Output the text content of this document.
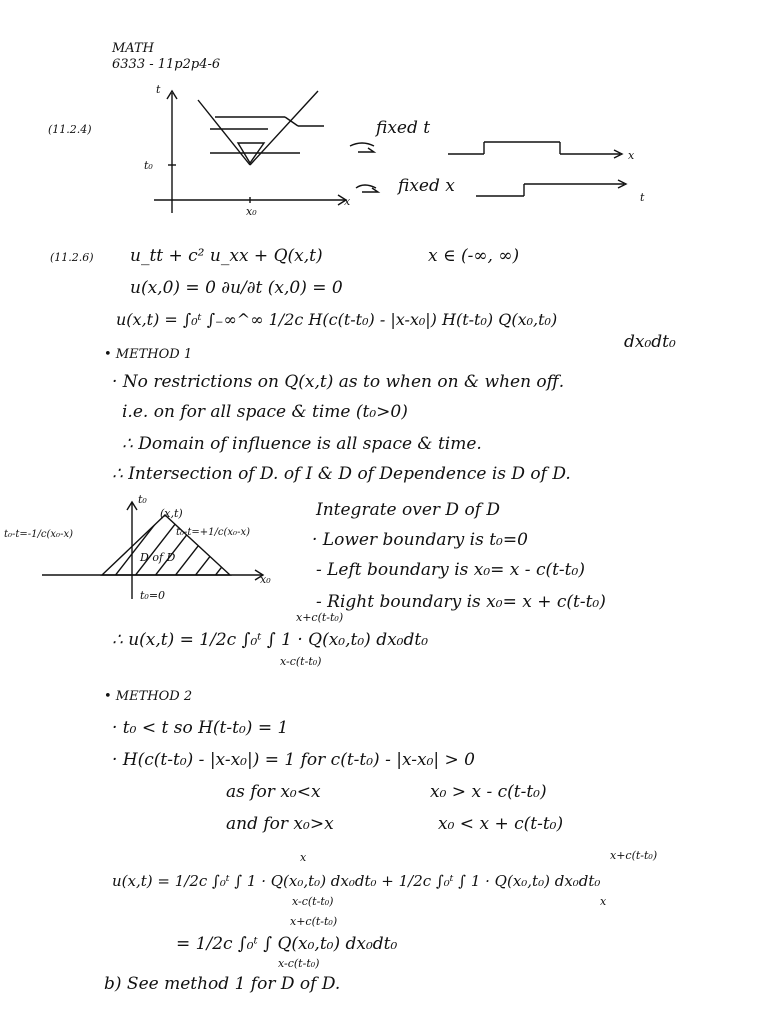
MATH
6333 - 11p2p4-6
(11.2.4)
t
t₀
x
x₀
fixed t
fixed x
x
t
(11.2.6) u_tt + c² u_xx + Q(x,t)	x ∈ (-∞, ∞)
u(x,0) = 0 ∂u/∂t (x,0) = 0
u(x,t) = ∫₀ᵗ ∫₋∞^∞ 1/2c H(c(t-t₀) - |x-x₀|) H(t-t₀) Q(x₀,t₀)
dx₀dt₀
• METHOD 1
· No restrictions on Q(x,t) as to when on & when off.
i.e. on for all space & time (t₀>0)
∴ Domain of influence is all space & time.
∴ Intersection of D. of I & D of Dependence is D of D.
t₀
(x,t)
t₀-t=-1/c(x₀-x)	t₀-t=+1/c(x₀-x)
D of D
x₀
t₀=0
Integrate over D of D
· Lower boundary is t₀=0
- Left boundary is x₀= x - c(t-t₀)
- Right boundary is x₀= x + c(t-t₀)
x+c(t-t₀)
∴ u(x,t) = 1/2c ∫₀ᵗ ∫ 1 · Q(x₀,t₀) dx₀dt₀
x-c(t-t₀)
• METHOD 2
· t₀ < t so H(t-t₀) = 1
· H(c(t-t₀) - |x-x₀|) = 1 for c(t-t₀) - |x-x₀| > 0
as for x₀<x	x₀ > x - c(t-t₀)
and for x₀>x	x₀ < x + c(t-t₀)
x	x+c(t-t₀)
u(x,t) = 1/2c ∫₀ᵗ ∫ 1 · Q(x₀,t₀) dx₀dt₀ + 1/2c ∫₀ᵗ ∫ 1 · Q(x₀,t₀) dx₀dt₀
x-c(t-t₀)	x
x+c(t-t₀)
= 1/2c ∫₀ᵗ ∫ Q(x₀,t₀) dx₀dt₀
x-c(t-t₀)
b) See method 1 for D of D.
